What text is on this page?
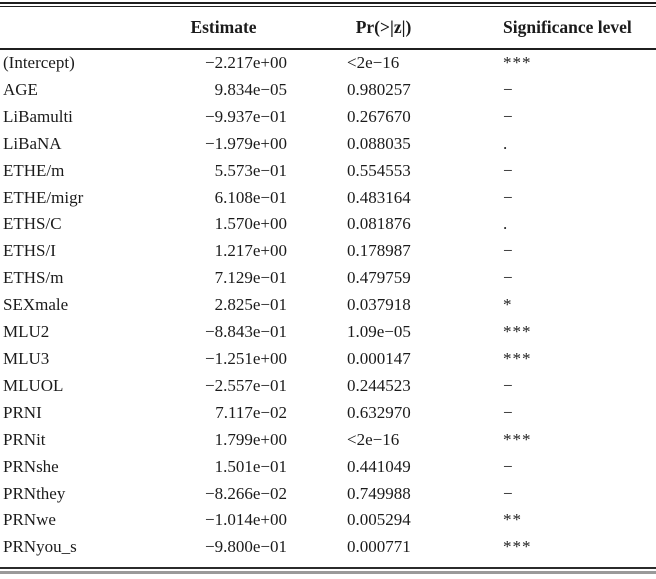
	Estimate	Pr(>|z|)	Significance level
(Intercept)	−2.217e+00	<2e−16	***
AGE	9.834e−05	0.980257	−
LiBamulti	−9.937e−01	0.267670	−
LiBaNA	−1.979e+00	0.088035	.
ETHE/m	5.573e−01	0.554553	−
ETHE/migr	6.108e−01	0.483164	−
ETHS/C	1.570e+00	0.081876	.
ETHS/I	1.217e+00	0.178987	−
ETHS/m	7.129e−01	0.479759	−
SEXmale	2.825e−01	0.037918	*
MLU2	−8.843e−01	1.09e−05	***
MLU3	−1.251e+00	0.000147	***
MLUOL	−2.557e−01	0.244523	−
PRNI	7.117e−02	0.632970	−
PRNit	1.799e+00	<2e−16	***
PRNshe	1.501e−01	0.441049	−
PRNthey	−8.266e−02	0.749988	−
PRNwe	−1.014e+00	0.005294	**
PRNyou_s	−9.800e−01	0.000771	***
